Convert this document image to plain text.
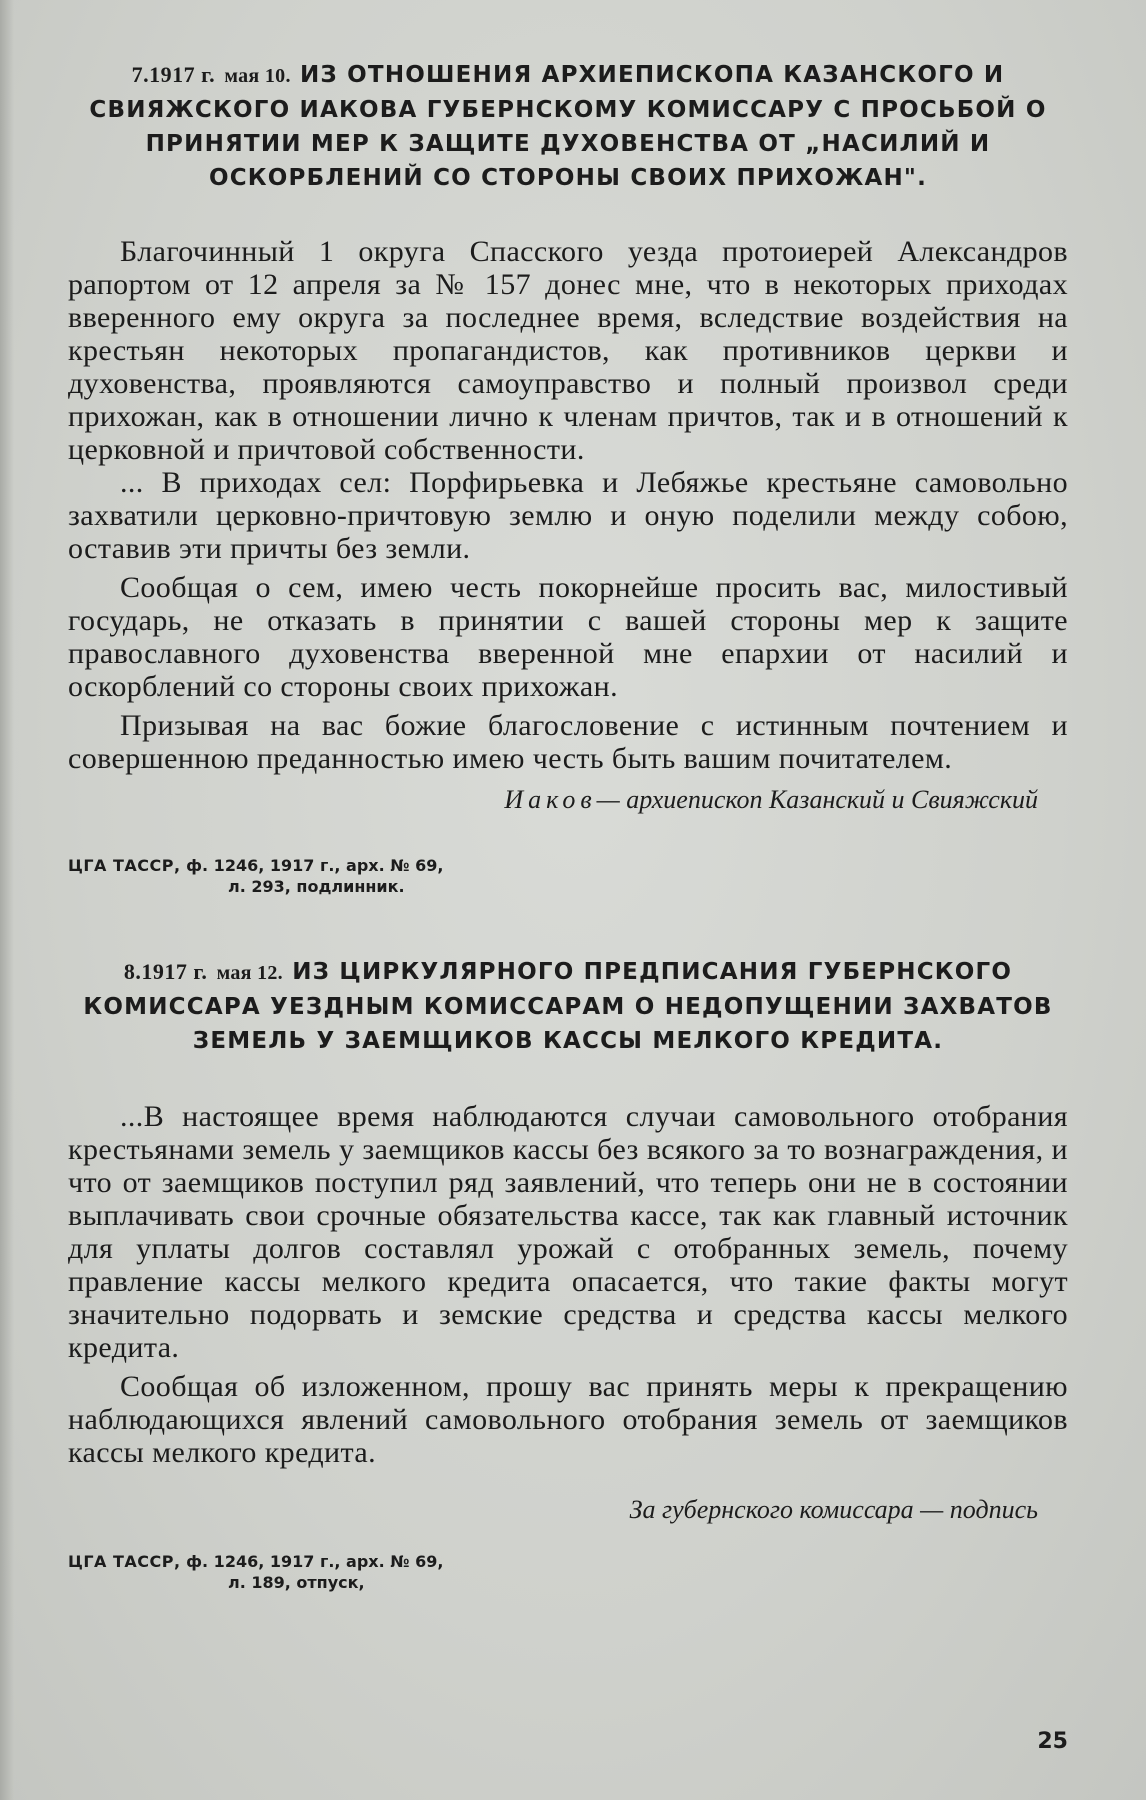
7.1917 г. мая 10. ИЗ ОТНОШЕНИЯ АРХИЕПИСКОПА КАЗАНСКОГО И СВИЯЖСКОГО ИАКОВА ГУБЕРНСКОМУ КОМИССАРУ С ПРОСЬБОЙ О ПРИНЯТИИ МЕР К ЗАЩИТЕ ДУХОВЕНСТВА ОТ „НАСИЛИЙ И ОСКОРБЛЕНИЙ СО СТОРОНЫ СВОИХ ПРИХОЖАН".

Благочинный 1 округа Спасского уезда протоиерей Александров рапортом от 12 апреля за № 157 донес мне, что в некоторых приходах вверенного ему округа за последнее время, вследствие воздействия на крестьян некоторых пропагандистов, как противников церкви и духовенства, проявляются самоуправство и полный произвол среди прихожан, как в отношении лично к членам причтов, так и в отношений к церковной и причтовой собственности.

... В приходах сел: Порфирьевка и Лебяжье крестьяне самовольно захватили церковно-причтовую землю и оную поделили между собою, оставив эти причты без земли.

Сообщая о сем, имею честь покорнейше просить вас, милостивый государь, не отказать в принятии с вашей стороны мер к защите православного духовенства вверенной мне епархии от насилий и оскорблений со стороны своих прихожан.

Призывая на вас божие благословение с истинным почтением и совершенною преданностью имею честь быть вашим почитателем.

Иаков— архиепископ Казанский и Свияжский

ЦГА ТАССР, ф. 1246, 1917 г., арх. № 69,
л. 293, подлинник.

8.1917 г. мая 12. ИЗ ЦИРКУЛЯРНОГО ПРЕДПИСАНИЯ ГУБЕРНСКОГО КОМИССАРА УЕЗДНЫМ КОМИССАРАМ О НЕДОПУЩЕНИИ ЗАХВАТОВ ЗЕМЕЛЬ У ЗАЕМЩИКОВ КАССЫ МЕЛКОГО КРЕДИТА.

...В настоящее время наблюдаются случаи самовольного отобрания крестьянами земель у заемщиков кассы без всякого за то вознаграждения, и что от заемщиков поступил ряд заявлений, что теперь они не в состоянии выплачивать свои срочные обязательства кассе, так как главный источник для уплаты долгов составлял урожай с отобранных земель, почему правление кассы мелкого кредита опасается, что такие факты могут значительно подорвать и земские средства и средства кассы мелкого кредита.

Сообщая об изложенном, прошу вас принять меры к прекращению наблюдающихся явлений самовольного отобрания земель от заемщиков кассы мелкого кредита.

За губернского комиссара — подпись

ЦГА ТАССР, ф. 1246, 1917 г., арх. № 69,
л. 189, отпуск,

25
